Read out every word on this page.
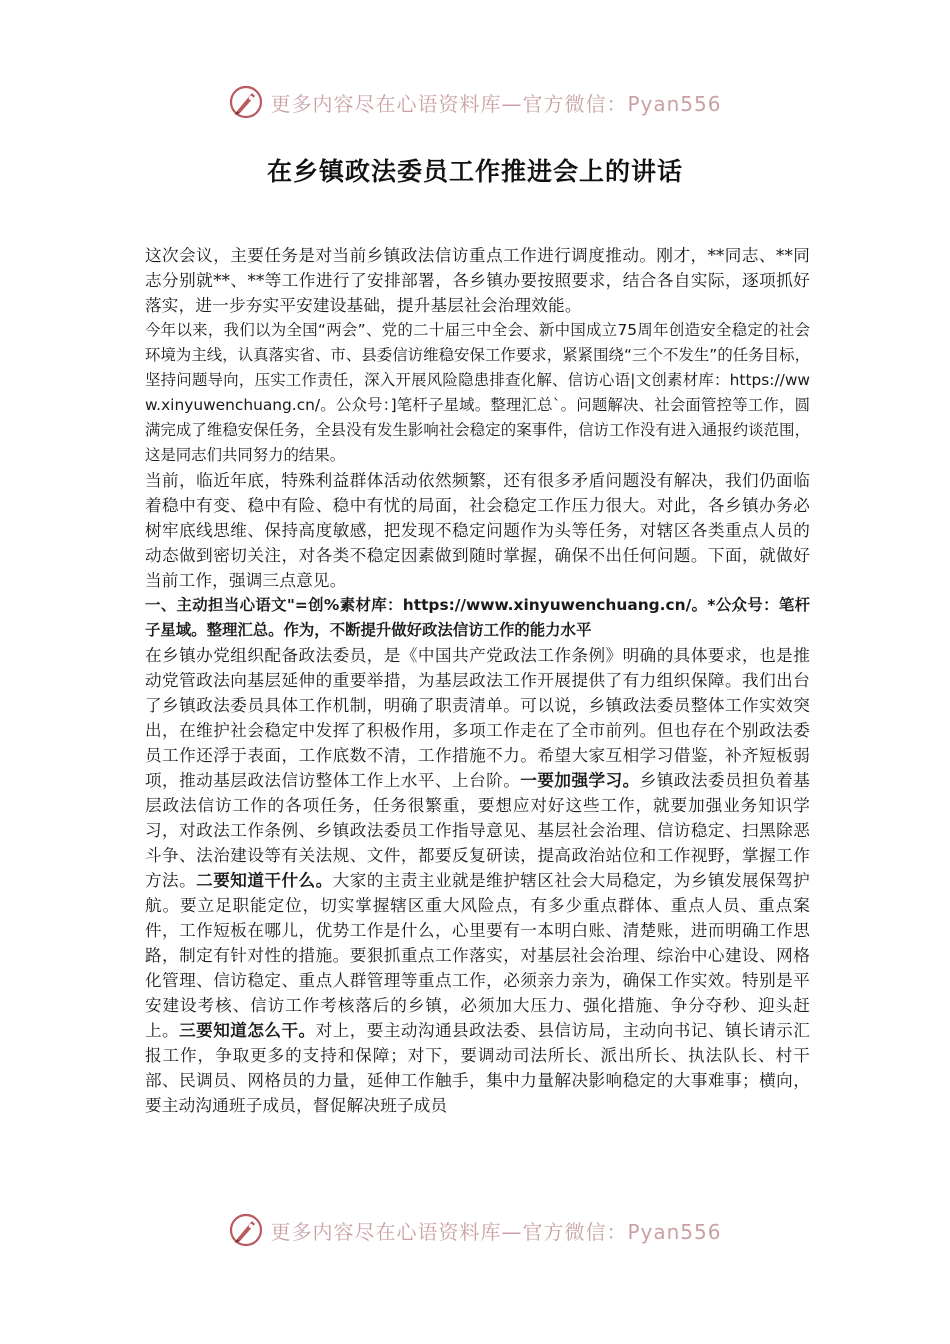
更多内容尽在心语资料库—官方微信：Pyan556
在乡镇政法委员工作推进会上的讲话

这次会议，主要任务是对当前乡镇政法信访重点工作进行调度推动。刚才，**同志、**同志分别就**、**等工作进行了安排部署，各乡镇办要按照要求，结合各自实际，逐项抓好落实，进一步夯实平安建设基础，提升基层社会治理效能。

今年以来，我们以为全国“两会”、党的二十届三中全会、新中国成立75周年创造安全稳定的社会环境为主线，认真落实省、市、县委信访维稳安保工作要求，紧紧围绕“三个不发生”的任务目标，坚持问题导向，压实工作责任，深入开展风险隐患排查化解、信访心语|文创素材库：https://www.xinyuwenchuang.cn/。公众号：]笔杆子星域。整理汇总`。问题解决、社会面管控等工作，圆满完成了维稳安保任务，全县没有发生影响社会稳定的案事件，信访工作没有进入通报约谈范围，这是同志们共同努力的结果。

当前，临近年底，特殊利益群体活动依然频繁，还有很多矛盾问题没有解决，我们仍面临着稳中有变、稳中有险、稳中有忧的局面，社会稳定工作压力很大。对此，各乡镇办务必树牢底线思维、保持高度敏感，把发现不稳定问题作为头等任务，对辖区各类重点人员的动态做到密切关注，对各类不稳定因素做到随时掌握，确保不出任何问题。下面，就做好当前工作，强调三点意见。

一、主动担当心语文"=创%素材库：https://www.xinyuwenchuang.cn/。*公众号：笔杆子星域。整理汇总。作为，不断提升做好政法信访工作的能力水平

在乡镇办党组织配备政法委员，是《中国共产党政法工作条例》明确的具体要求，也是推动党管政法向基层延伸的重要举措，为基层政法工作开展提供了有力组织保障。我们出台了乡镇政法委员具体工作机制，明确了职责清单。可以说，乡镇政法委员整体工作实效突出，在维护社会稳定中发挥了积极作用，多项工作走在了全市前列。但也存在个别政法委员工作还浮于表面，工作底数不清，工作措施不力。希望大家互相学习借鉴，补齐短板弱项，推动基层政法信访整体工作上水平、上台阶。一要加强学习。乡镇政法委员担负着基层政法信访工作的各项任务，任务很繁重，要想应对好这些工作，就要加强业务知识学习，对政法工作条例、乡镇政法委员工作指导意见、基层社会治理、信访稳定、扫黑除恶斗争、法治建设等有关法规、文件，都要反复研读，提高政治站位和工作视野，掌握工作方法。二要知道干什么。大家的主责主业就是维护辖区社会大局稳定，为乡镇发展保驾护航。要立足职能定位，切实掌握辖区重大风险点，有多少重点群体、重点人员、重点案件，工作短板在哪儿，优势工作是什么，心里要有一本明白账、清楚账，进而明确工作思路，制定有针对性的措施。要狠抓重点工作落实，对基层社会治理、综治中心建设、网格化管理、信访稳定、重点人群管理等重点工作，必须亲力亲为，确保工作实效。特别是平安建设考核、信访工作考核落后的乡镇，必须加大压力、强化措施、争分夺秒、迎头赶上。三要知道怎么干。对上，要主动沟通县政法委、县信访局，主动向书记、镇长请示汇报工作，争取更多的支持和保障；对下，要调动司法所长、派出所长、执法队长、村干部、民调员、网格员的力量，延伸工作触手，集中力量解决影响稳定的大事难事；横向，要主动沟通班子成员，督促解决班子成员

更多内容尽在心语资料库—官方微信：Pyan556
